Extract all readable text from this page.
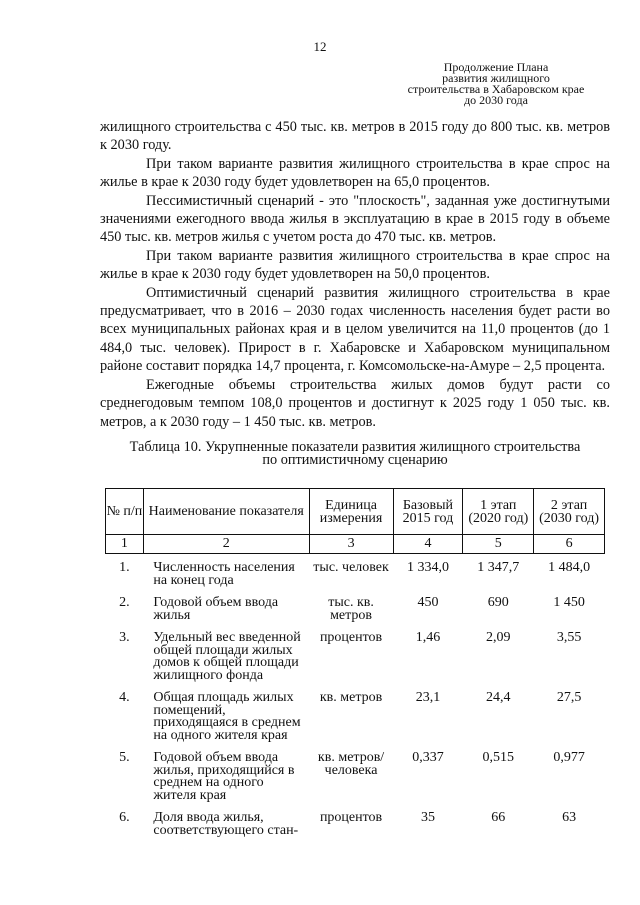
12
Продолжение Плана
развития жилищного
строительства в Хабаровском крае
до 2030 года

жилищного строительства с 450 тыс. кв. метров в 2015 году до 800 тыс. кв. метров к 2030 году.

При таком варианте развития жилищного строительства в крае спрос на жилье в крае к 2030 году будет удовлетворен на 65,0 процентов.

Пессимистичный сценарий - это "плоскость", заданная уже достигнутыми значениями ежегодного ввода жилья в эксплуатацию в крае в 2015 году в объеме 450 тыс. кв. метров жилья с учетом роста до 470 тыс. кв. метров.

При таком варианте развития жилищного строительства в крае спрос на жилье в крае к 2030 году будет удовлетворен на 50,0 процентов.

Оптимистичный сценарий развития жилищного строительства в крае предусматривает, что в 2016 – 2030 годах численность населения будет расти во всех муниципальных районах края и в целом увеличится на 11,0 процентов (до 1 484,0 тыс. человек). Прирост в г. Хабаровске и Хабаровском муниципальном районе составит порядка 14,7 процента, г. Комсомольске-на-Амуре – 2,5 процента.

Ежегодные объемы строительства жилых домов будут расти со среднегодовым темпом 108,0 процентов и достигнут к 2025 году 1 050 тыс. кв. метров, а к 2030 году – 1 450 тыс. кв. метров.

Таблица 10. Укрупненные показатели развития жилищного строительства
по оптимистичному сценарию
№ п/п	Наименование показателя	Единица измерения	Базовый 2015 год	1 этап (2020 год)	2 этап (2030 год)
1	2	3	4	5	6
1.	Численность населения на конец года	тыс. человек	1 334,0	1 347,7	1 484,0
2.	Годовой объем ввода жилья	тыс. кв. метров	450	690	1 450
3.	Удельный вес введенной общей площади жилых домов к общей площади жилищного фонда	процентов	1,46	2,09	3,55
4.	Общая площадь жилых помещений, приходящаяся в среднем на одного жителя края	кв. метров	23,1	24,4	27,5
5.	Годовой объем ввода жилья, приходящийся в среднем на одного жителя края	кв. метров/ человека	0,337	0,515	0,977
6.	Доля ввода жилья, соответствующего стан-	процентов	35	66	63
